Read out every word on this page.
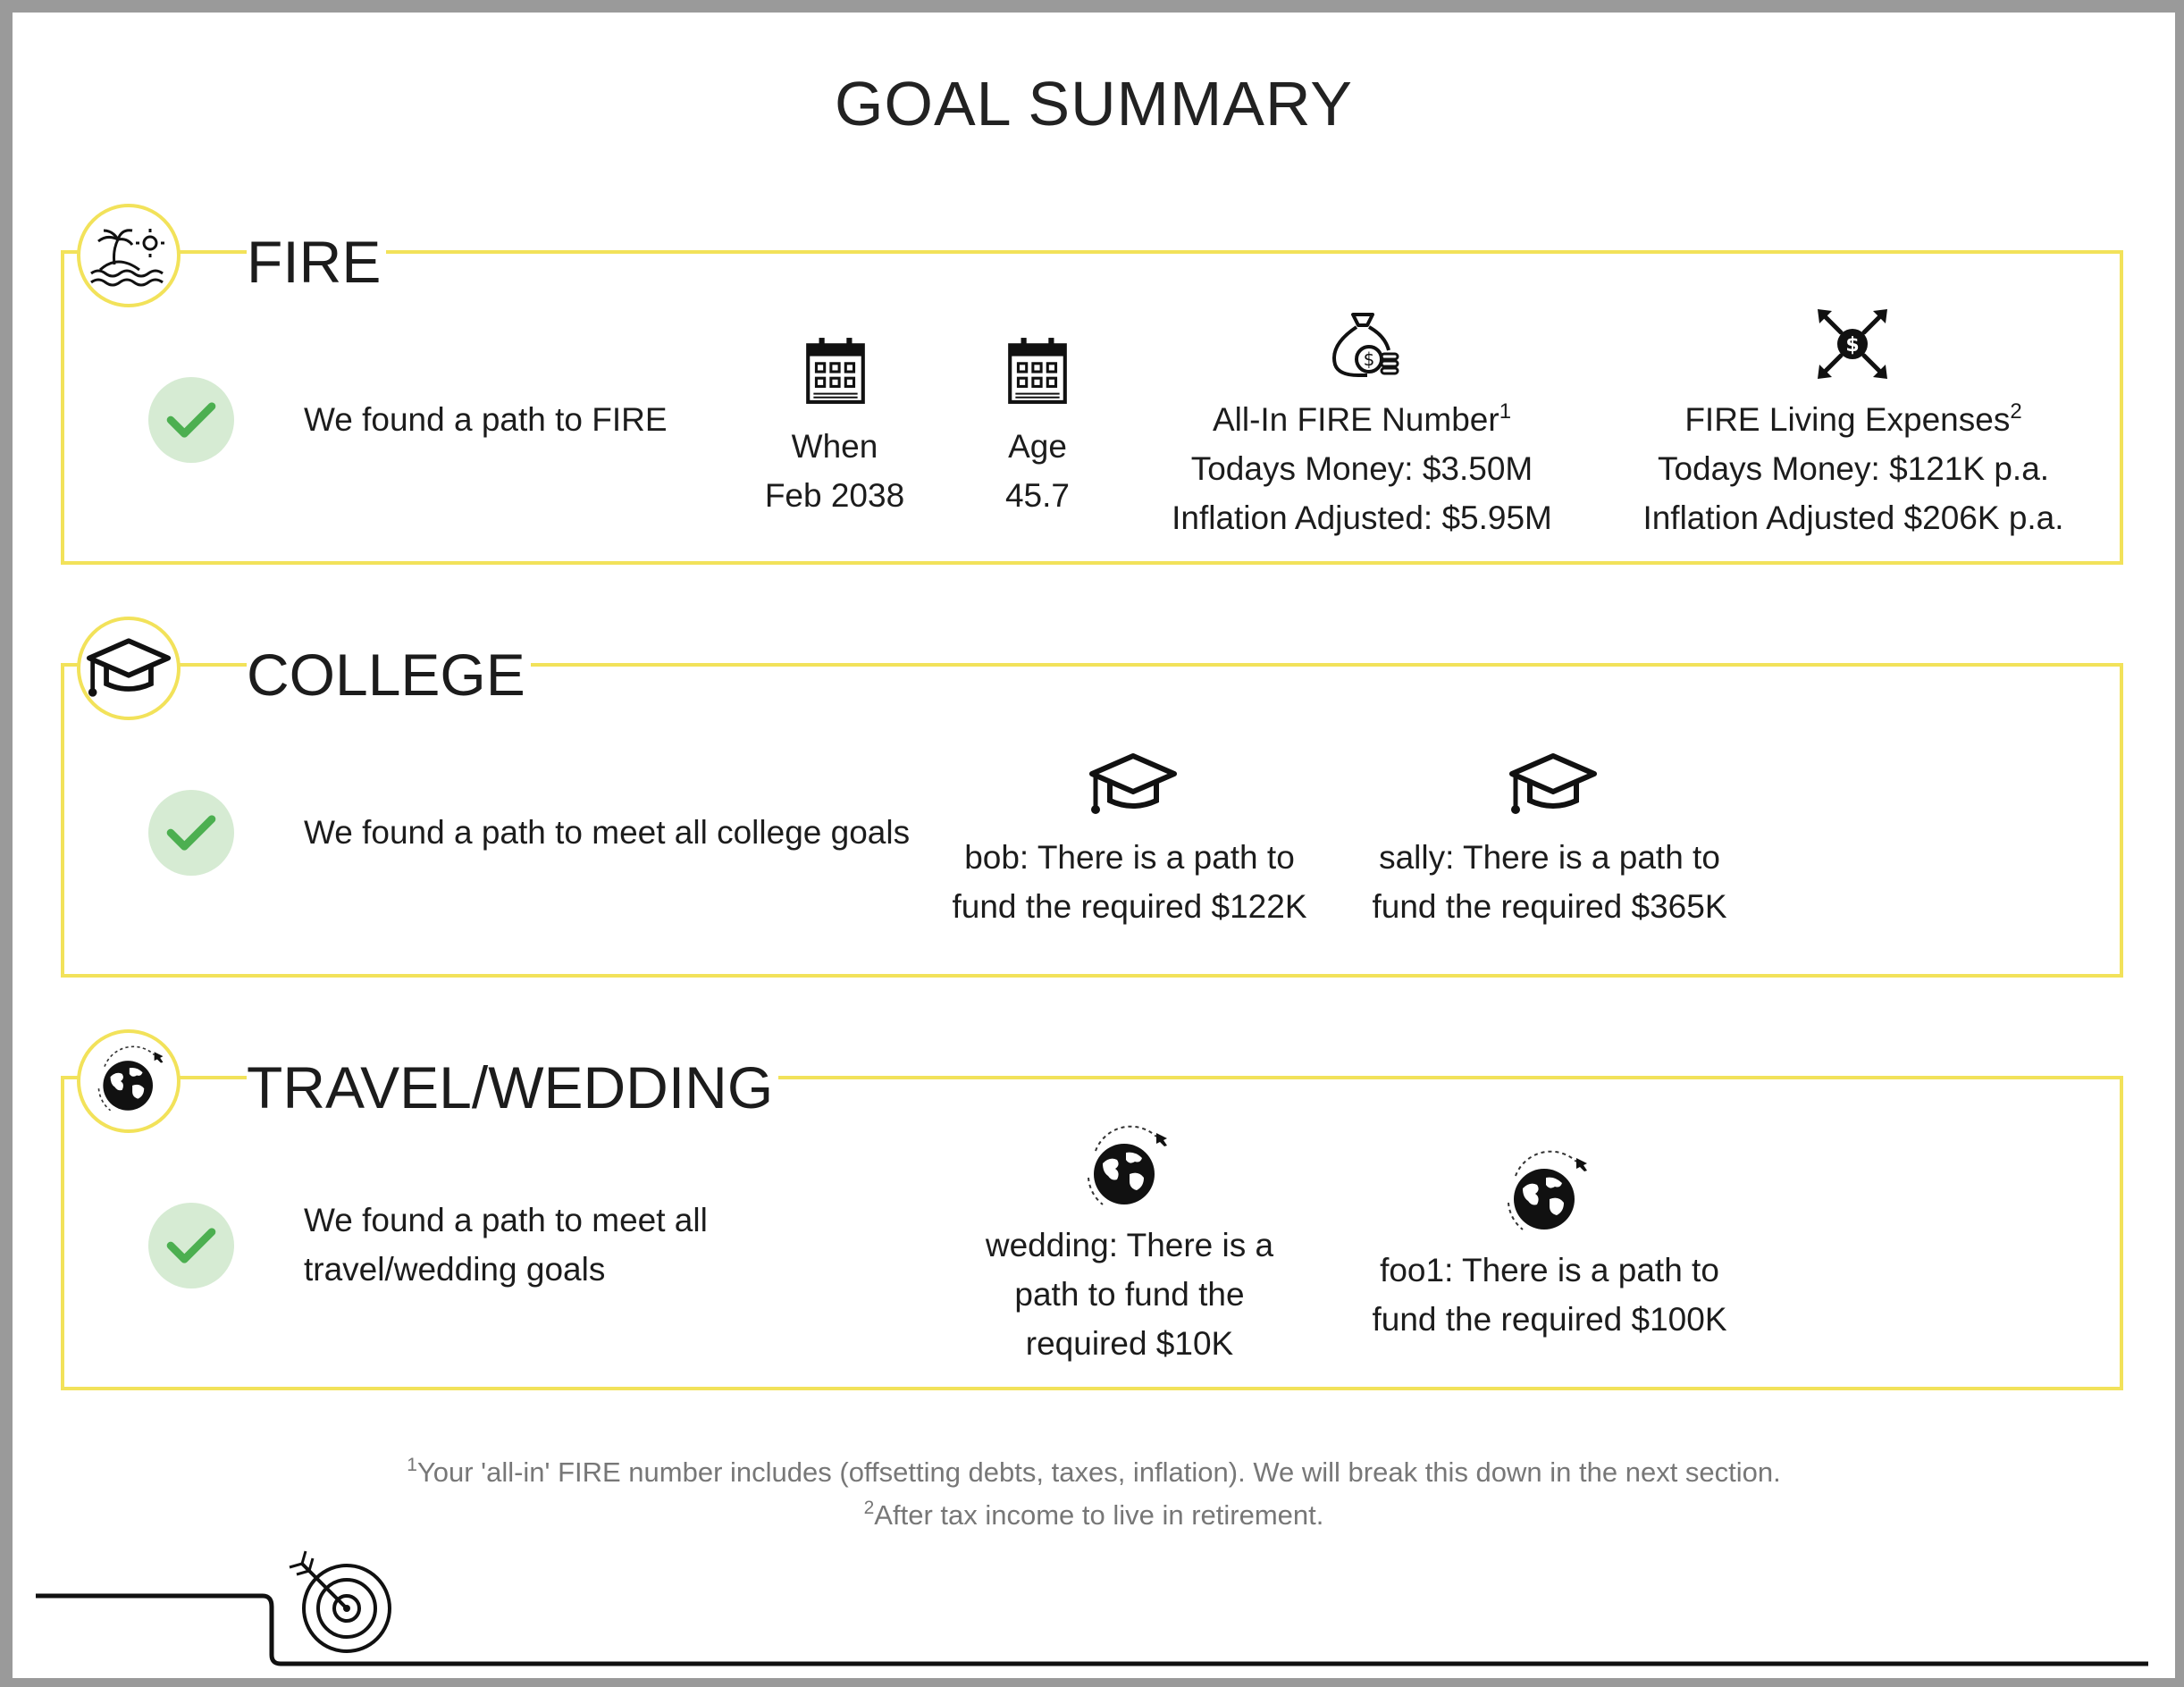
GOAL SUMMARY
FIRE
We found a path to FIRE
When
Feb 2038
Age
45.7
$
All-In FIRE Number$^1$
Todays Money: $3.50M
Inflation Adjusted: $5.95M
$
FIRE Living Expenses$^2$
Todays Money: $121K p.a.
Inflation Adjusted $206K p.a.
COLLEGE
We found a path to meet all college goals
bob: There is a path to
fund the required $122K
sally: There is a path to
fund the required $365K
TRAVEL/WEDDING
We found a path to meet all
travel/wedding goals
wedding: There is a
path to fund the
required $10K
foo1: There is a path to
fund the required $100K
$^1$Your 'all-in' FIRE number includes (offsetting debts, taxes, inflation). We will break this down in the next section.
$^2$After tax income to live in retirement.
